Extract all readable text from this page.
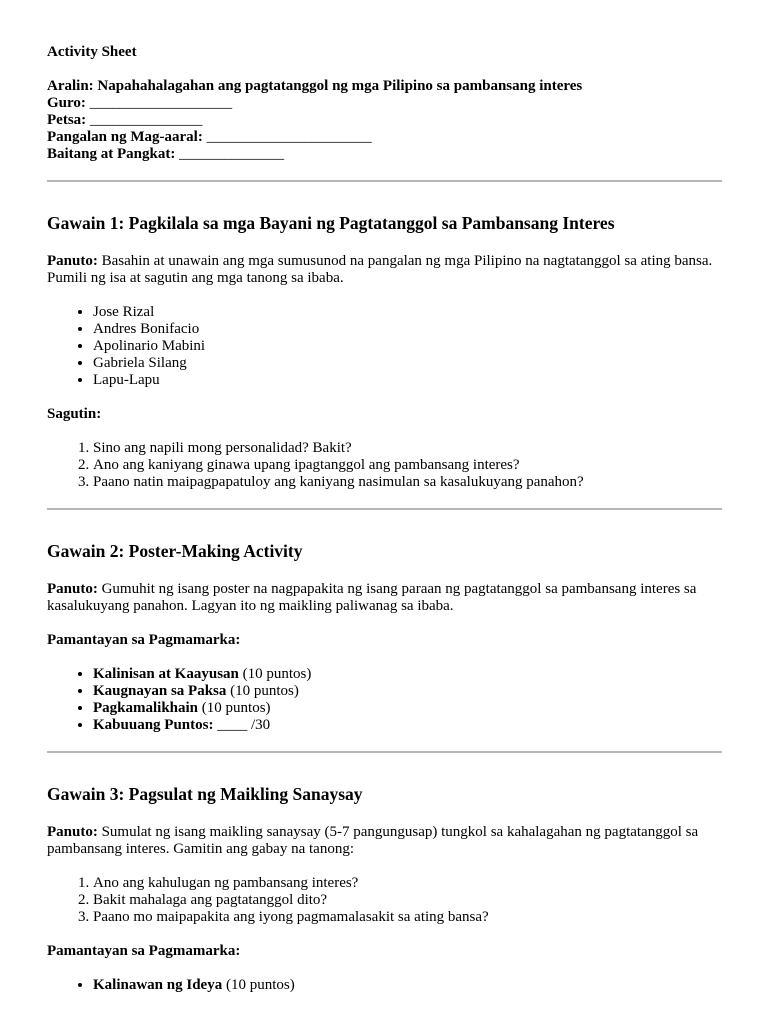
Activity Sheet

Aralin: Napahahalagahan ang pagtatanggol ng mga Pilipino sa pambansang interes

Guro: ___________________

Petsa: _______________

Pangalan ng Mag-aaral: ______________________

Baitang at Pangkat: ______________

Gawain 1: Pagkilala sa mga Bayani ng Pagtatanggol sa Pambansang Interes

Panuto: Basahin at unawain ang mga sumusunod na pangalan ng mga Pilipino na nagtatanggol sa ating bansa. Pumili ng isa at sagutin ang mga tanong sa ibaba.

• Jose Rizal
• Andres Bonifacio
• Apolinario Mabini
• Gabriela Silang
• Lapu-Lapu

Sagutin:

1. Sino ang napili mong personalidad? Bakit?
2. Ano ang kaniyang ginawa upang ipagtanggol ang pambansang interes?
3. Paano natin maipagpapatuloy ang kaniyang nasimulan sa kasalukuyang panahon?
Gawain 2: Poster-Making Activity

Panuto: Gumuhit ng isang poster na nagpapakita ng isang paraan ng pagtatanggol sa pambansang interes sa kasalukuyang panahon. Lagyan ito ng maikling paliwanag sa ibaba.

Pamantayan sa Pagmamarka:

• Kalinisan at Kaayusan (10 puntos)
• Kaugnayan sa Paksa (10 puntos)
• Pagkamalikhain (10 puntos)
• Kabuuang Puntos: ____ /30
Gawain 3: Pagsulat ng Maikling Sanaysay

Panuto: Sumulat ng isang maikling sanaysay (5-7 pangungusap) tungkol sa kahalagahan ng pagtatanggol sa pambansang interes. Gamitin ang gabay na tanong:

1. Ano ang kahulugan ng pambansang interes?
2. Bakit mahalaga ang pagtatanggol dito?
3. Paano mo maipapakita ang iyong pagmamalasakit sa ating bansa?

Pamantayan sa Pagmamarka:

• Kalinawan ng Ideya (10 puntos)
